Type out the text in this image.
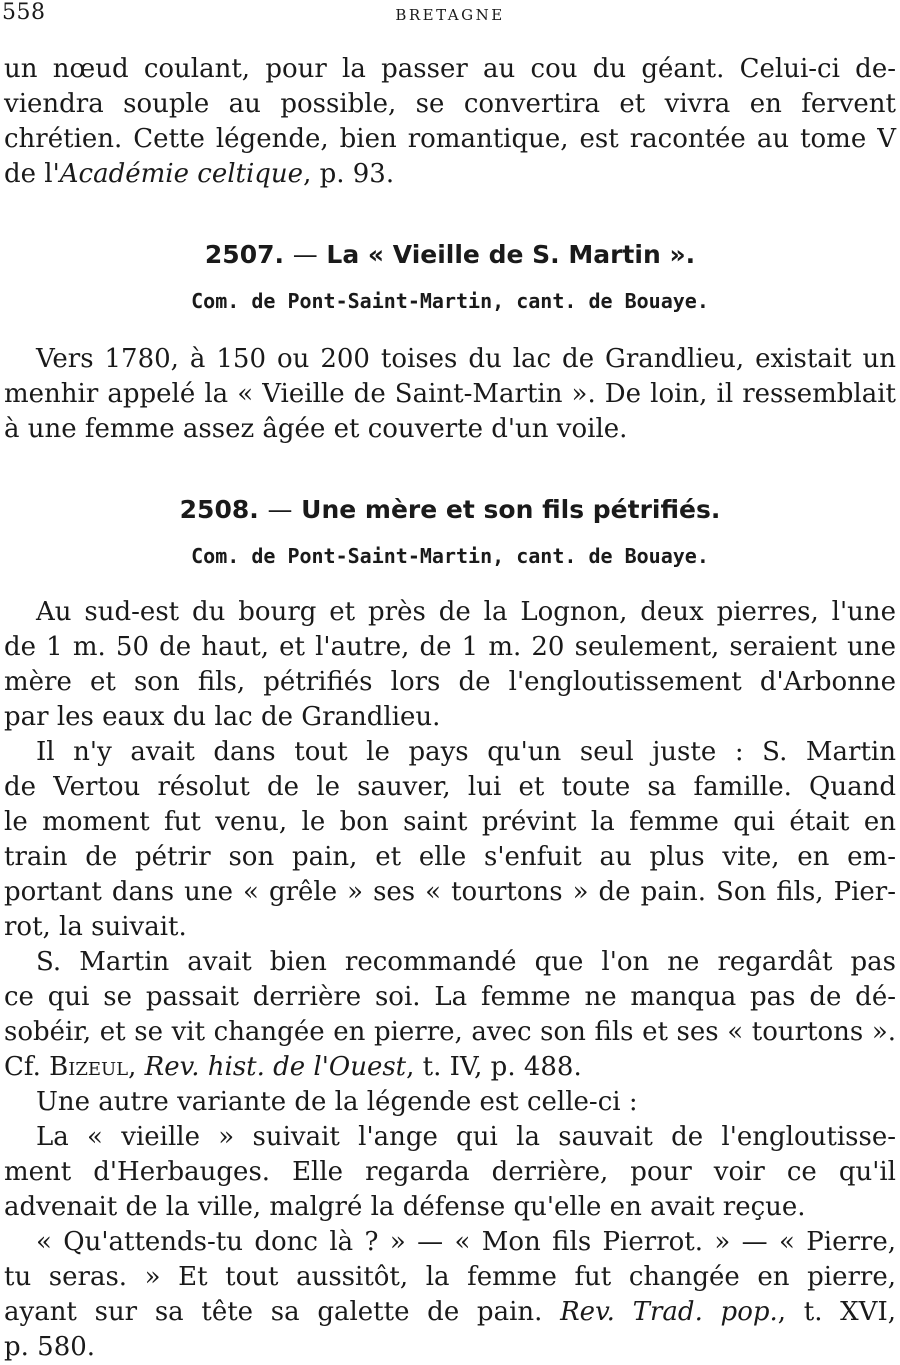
558	BRETAGNE
un nœud coulant, pour la passer au cou du géant. Celui-ci de-
viendra souple au possible, se convertira et vivra en fervent
chrétien. Cette légende, bien romantique, est racontée au tome V
de l'Académie celtique, p. 93.
2507. — La « Vieille de S. Martin ».
Com. de Pont-Saint-Martin, cant. de Bouaye.
Vers 1780, à 150 ou 200 toises du lac de Grandlieu, existait un
menhir appelé la « Vieille de Saint-Martin ». De loin, il ressemblait
à une femme assez âgée et couverte d'un voile.
2508. — Une mère et son fils pétrifiés.
Com. de Pont-Saint-Martin, cant. de Bouaye.
Au sud-est du bourg et près de la Lognon, deux pierres, l'une
de 1 m. 50 de haut, et l'autre, de 1 m. 20 seulement, seraient une
mère et son fils, pétrifiés lors de l'engloutissement d'Arbonne
par les eaux du lac de Grandlieu.
Il n'y avait dans tout le pays qu'un seul juste : S. Martin
de Vertou résolut de le sauver, lui et toute sa famille. Quand
le moment fut venu, le bon saint prévint la femme qui était en
train de pétrir son pain, et elle s'enfuit au plus vite, en em-
portant dans une « grêle » ses « tourtons » de pain. Son fils, Pier-
rot, la suivait.
S. Martin avait bien recommandé que l'on ne regardât pas
ce qui se passait derrière soi. La femme ne manqua pas de dé-
sobéir, et se vit changée en pierre, avec son fils et ses « tourtons ».
Cf. Bizeul, Rev. hist. de l'Ouest, t. IV, p. 488.
Une autre variante de la légende est celle-ci :
La « vieille » suivait l'ange qui la sauvait de l'engloutisse-
ment d'Herbauges. Elle regarda derrière, pour voir ce qu'il
advenait de la ville, malgré la défense qu'elle en avait reçue.
« Qu'attends-tu donc là ? » — « Mon fils Pierrot. » — « Pierre,
tu seras. » Et tout aussitôt, la femme fut changée en pierre,
ayant sur sa tête sa galette de pain. Rev. Trad. pop., t. XVI,
p. 580.
